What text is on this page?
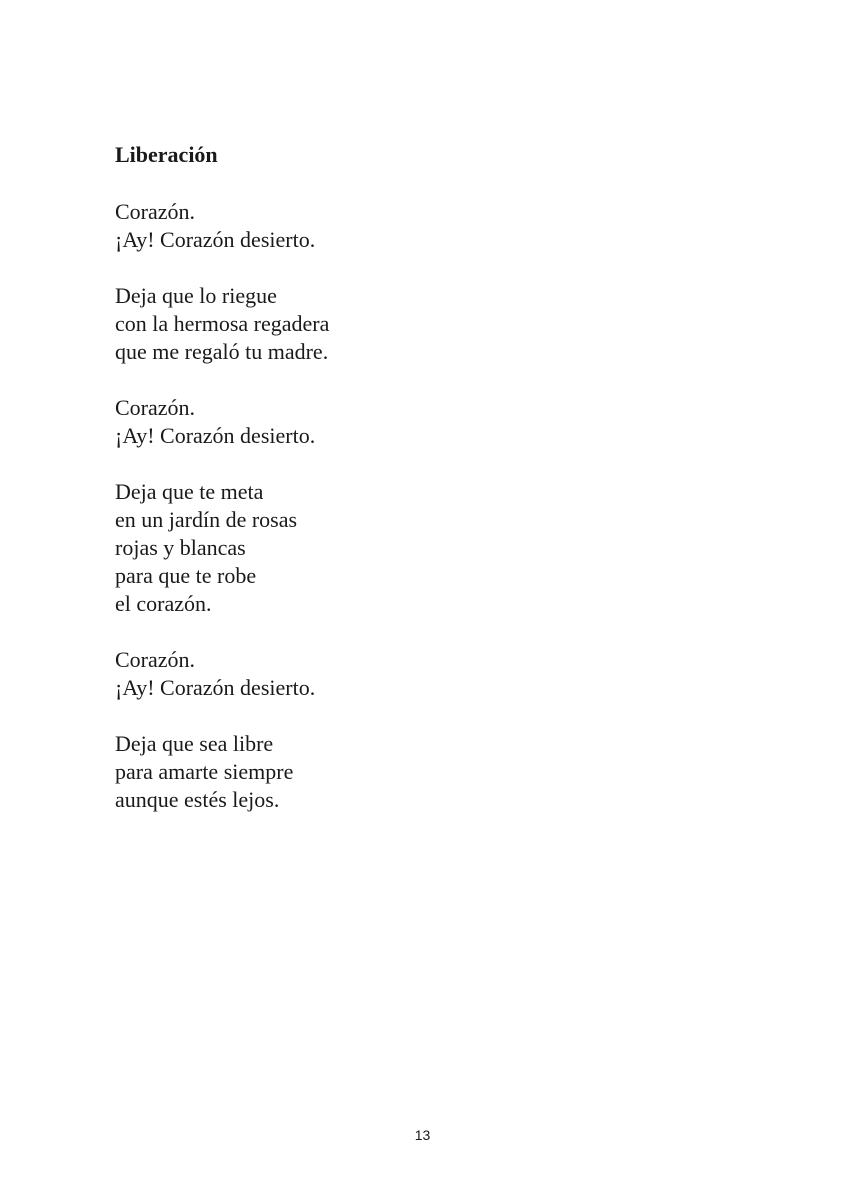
Liberación
Corazón.
¡Ay! Corazón desierto.
Deja que lo riegue
con la hermosa regadera
que me regaló tu madre.
Corazón.
¡Ay! Corazón desierto.
Deja que te meta
en un jardín de rosas
rojas y blancas
para que te robe
el corazón.
Corazón.
¡Ay! Corazón desierto.
Deja que sea libre
para amarte siempre
aunque estés lejos.
13
